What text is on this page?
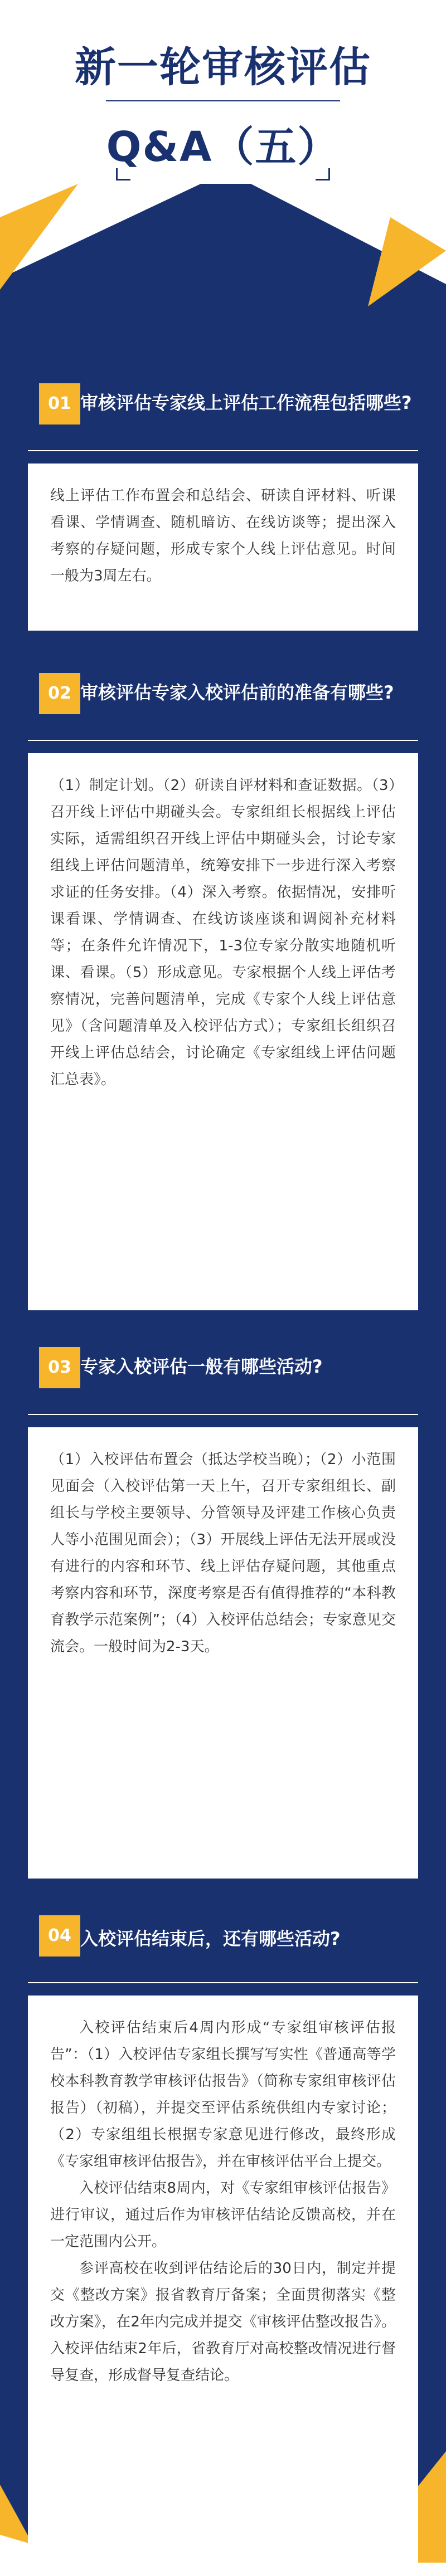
新一轮审核评估
Q&A（五）
01 审核评估专家线上评估工作流程包括哪些?

线上评估工作布置会和总结会、研读自评材料、听课看课、学情调查、随机暗访、在线访谈等；提出深入考察的存疑问题，形成专家个人线上评估意见。时间一般为3周左右。

02 审核评估专家入校评估前的准备有哪些?

（1）制定计划。（2）研读自评材料和查证数据。（3）召开线上评估中期碰头会。专家组组长根据线上评估实际，适需组织召开线上评估中期碰头会，讨论专家组线上评估问题清单，统筹安排下一步进行深入考察求证的任务安排。（4）深入考察。依据情况，安排听课看课、学情调查、在线访谈座谈和调阅补充材料等；在条件允许情况下，1-3位专家分散实地随机听课、看课。（5）形成意见。专家根据个人线上评估考察情况，完善问题清单，完成《专家个人线上评估意见》（含问题清单及入校评估方式）；专家组长组织召开线上评估总结会，讨论确定《专家组线上评估问题汇总表》。

03 专家入校评估一般有哪些活动?

（1）入校评估布置会（抵达学校当晚）；（2）小范围见面会（入校评估第一天上午，召开专家组组长、副组长与学校主要领导、分管领导及评建工作核心负责人等小范围见面会）；（3）开展线上评估无法开展或没有进行的内容和环节、线上评估存疑问题，其他重点考察内容和环节，深度考察是否有值得推荐的“本科教育教学示范案例”；（4）入校评估总结会；专家意见交流会。一般时间为2-3天。

04 入校评估结束后，还有哪些活动?

入校评估结束后4周内形成“专家组审核评估报告”：（1）入校评估专家组长撰写写实性《普通高等学校本科教育教学审核评估报告》（简称专家组审核评估报告）（初稿），并提交至评估系统供组内专家讨论；（2）专家组组长根据专家意见进行修改，最终形成《专家组审核评估报告》，并在审核评估平台上提交。

入校评估结束8周内，对《专家组审核评估报告》进行审议，通过后作为审核评估结论反馈高校，并在一定范围内公开。

参评高校在收到评估结论后的30日内，制定并提交《整改方案》报省教育厅备案；全面贯彻落实《整改方案》，在2年内完成并提交《审核评估整改报告》。入校评估结束2年后，省教育厅对高校整改情况进行督导复查，形成督导复查结论。
